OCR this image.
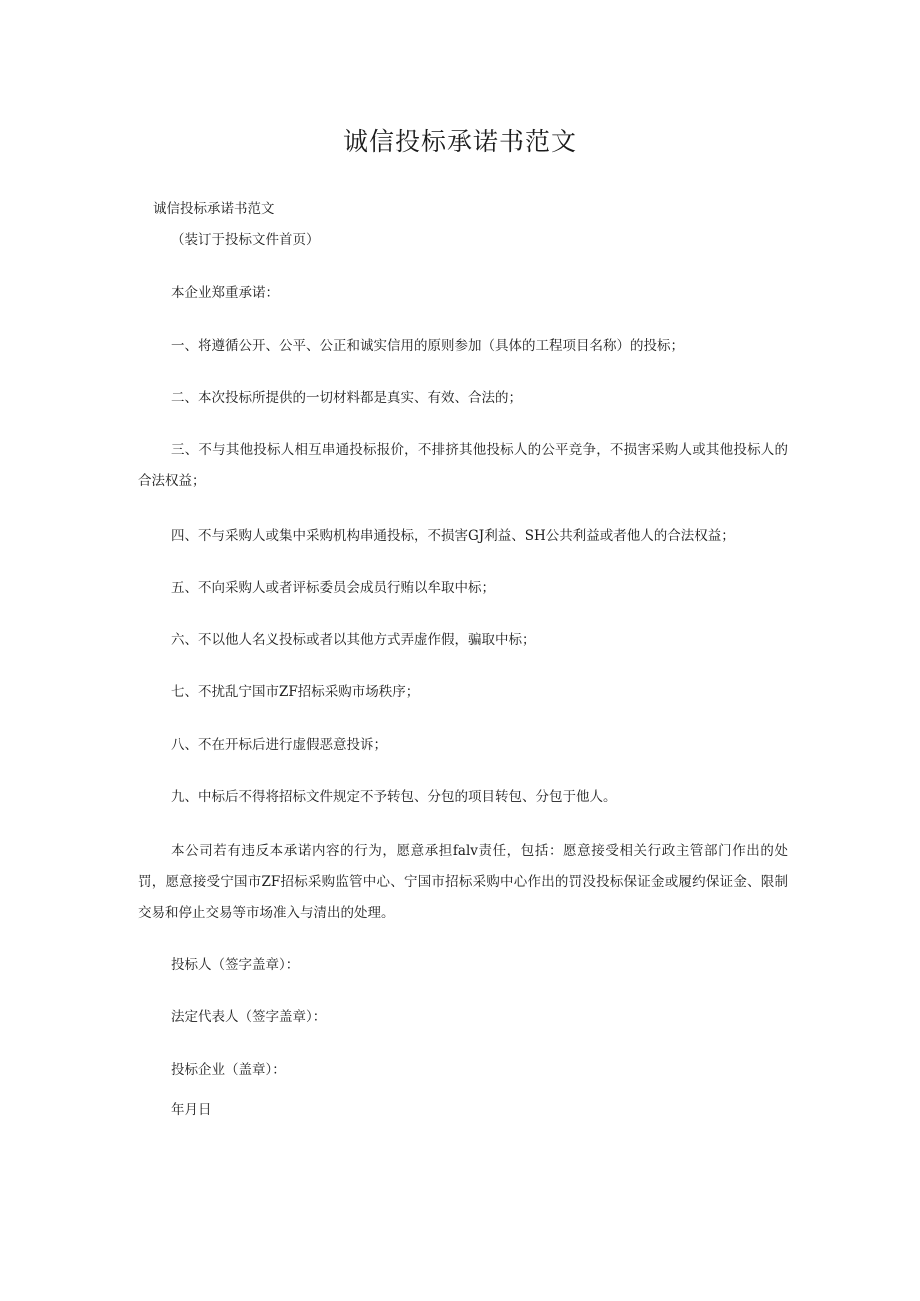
诚信投标承诺书范文
诚信投标承诺书范文
（装订于投标文件首页）
本企业郑重承诺：
一、将遵循公开、公平、公正和诚实信用的原则参加（具体的工程项目名称）的投标；
二、本次投标所提供的一切材料都是真实、有效、合法的；
三、不与其他投标人相互串通投标报价，不排挤其他投标人的公平竞争，不损害采购人或其他投标人的合法权益；
四、不与采购人或集中采购机构串通投标，不损害GJ利益、SH公共利益或者他人的合法权益；
五、不向采购人或者评标委员会成员行贿以牟取中标；
六、不以他人名义投标或者以其他方式弄虚作假，骗取中标；
七、不扰乱宁国市ZF招标采购市场秩序；
八、不在开标后进行虚假恶意投诉；
九、中标后不得将招标文件规定不予转包、分包的项目转包、分包于他人。
本公司若有违反本承诺内容的行为，愿意承担falv责任，包括：愿意接受相关行政主管部门作出的处罚，愿意接受宁国市ZF招标采购监管中心、宁国市招标采购中心作出的罚没投标保证金或履约保证金、限制交易和停止交易等市场准入与清出的处理。
投标人（签字盖章）：
法定代表人（签字盖章）：
投标企业（盖章）：
年月日
